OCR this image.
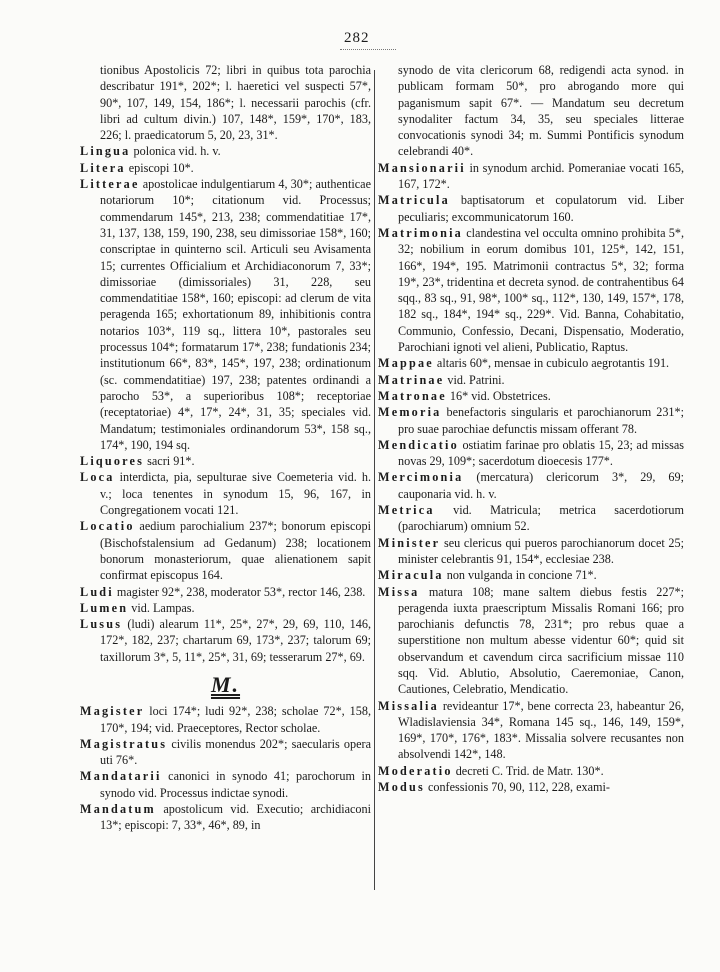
282

tionibus Apostolicis 72; libri in quibus tota parochia describatur 191*, 202*; l. haeretici vel suspecti 57*, 90*, 107, 149, 154, 186*; l. necessarii parochis (cfr. libri ad cultum divin.) 107, 148*, 159*, 170*, 183, 226; l. praedicatorum 5, 20, 23, 31*.

Lingua polonica vid. h. v.

Litera episcopi 10*.

Litterae apostolicae indulgentiarum 4, 30*; authenticae notariorum 10*; citationum vid. Processus; commendarum 145*, 213, 238; commendatitiae 17*, 31, 137, 138, 159, 190, 238, seu dimissoriae 158*, 160; conscriptae in quinterno scil. Articuli seu Avisamenta 15; currentes Officialium et Archidiaconorum 7, 33*; dimissoriae (dimissoriales) 31, 228, seu commendatitiae 158*, 160; episcopi: ad clerum de vita peragenda 165; exhortationum 89, inhibitionis contra notarios 103*, 119 sq., littera 10*, pastorales seu processus 104*; formatarum 17*, 238; fundationis 234; institutionum 66*, 83*, 145*, 197, 238; ordinationum (sc. commendatitiae) 197, 238; patentes ordinandi a parocho 53*, a superioribus 108*; receptoriae (receptatoriae) 4*, 17*, 24*, 31, 35; speciales vid. Mandatum; testimoniales ordinandorum 53*, 158 sq., 174*, 190, 194 sq.

Liquores sacri 91*.

Loca interdicta, pia, sepulturae sive Coemeteria vid. h. v.; loca tenentes in synodum 15, 96, 167, in Congregationem vocati 121.

Locatio aedium parochialium 237*; bonorum episcopi (Bischofstalensium ad Gedanum) 238; locationem bonorum monasteriorum, quae alienationem sapit confirmat episcopus 164.

Ludi magister 92*, 238, moderator 53*, rector 146, 238.

Lumen vid. Lampas.

Lusus (ludi) alearum 11*, 25*, 27*, 29, 69, 110, 146, 172*, 182, 237; chartarum 69, 173*, 237; talorum 69; taxillorum 3*, 5, 11*, 25*, 31, 69; tesserarum 27*, 69.

M.

Magister loci 174*; ludi 92*, 238; scholae 72*, 158, 170*, 194; vid. Praeceptores, Rector scholae.

Magistratus civilis monendus 202*; saecularis opera uti 76*.

Mandatarii canonici in synodo 41; parochorum in synodo vid. Processus indictae synodi.

Mandatum apostolicum vid. Executio; archidiaconi 13*; episcopi: 7, 33*, 46*, 89, in

synodo de vita clericorum 68, redigendi acta synod. in publicam formam 50*, pro abrogando more qui paganismum sapit 67*. — Mandatum seu decretum synodaliter factum 34, 35, seu speciales litterae convocationis synodi 34; m. Summi Pontificis synodum celebrandi 40*.

Mansionarii in synodum archid. Pomeraniae vocati 165, 167, 172*.

Matricula baptisatorum et copulatorum vid. Liber peculiaris; excommunicatorum 160.

Matrimonia clandestina vel occulta omnino prohibita 5*, 32; nobilium in eorum domibus 101, 125*, 142, 151, 166*, 194*, 195. Matrimonii contractus 5*, 32; forma 19*, 23*, tridentina et decreta synod. de contrahentibus 64 sqq., 83 sq., 91, 98*, 100* sq., 112*, 130, 149, 157*, 178, 182 sq., 184*, 194* sq., 229*. Vid. Banna, Cohabitatio, Communio, Confessio, Decani, Dispensatio, Moderatio, Parochiani ignoti vel alieni, Publicatio, Raptus.

Mappae altaris 60*, mensae in cubiculo aegrotantis 191.

Matrinae vid. Patrini.

Matronae 16* vid. Obstetrices.

Memoria benefactoris singularis et parochianorum 231*; pro suae parochiae defunctis missam offerant 78.

Mendicatio ostiatim farinae pro oblatis 15, 23; ad missas novas 29, 109*; sacerdotum dioecesis 177*.

Mercimonia (mercatura) clericorum 3*, 29, 69; cauponaria vid. h. v.

Metrica vid. Matricula; metrica sacerdotiorum (parochiarum) omnium 52.

Minister seu clericus qui pueros parochianorum docet 25; minister celebrantis 91, 154*, ecclesiae 238.

Miracula non vulganda in concione 71*.

Missa matura 108; mane saltem diebus festis 227*; peragenda iuxta praescriptum Missalis Romani 166; pro parochianis defunctis 78, 231*; pro rebus quae a superstitione non multum abesse videntur 60*; quid sit observandum et cavendum circa sacrificium missae 110 sqq. Vid. Ablutio, Absolutio, Caeremoniae, Canon, Cautiones, Celebratio, Mendicatio.

Missalia revideantur 17*, bene correcta 23, habeantur 26, Wladislaviensia 34*, Romana 145 sq., 146, 149, 159*, 169*, 170*, 176*, 183*. Missalia solvere recusantes non absolvendi 142*, 148.

Moderatio decreti C. Trid. de Matr. 130*.

Modus confessionis 70, 90, 112, 228, exami-
